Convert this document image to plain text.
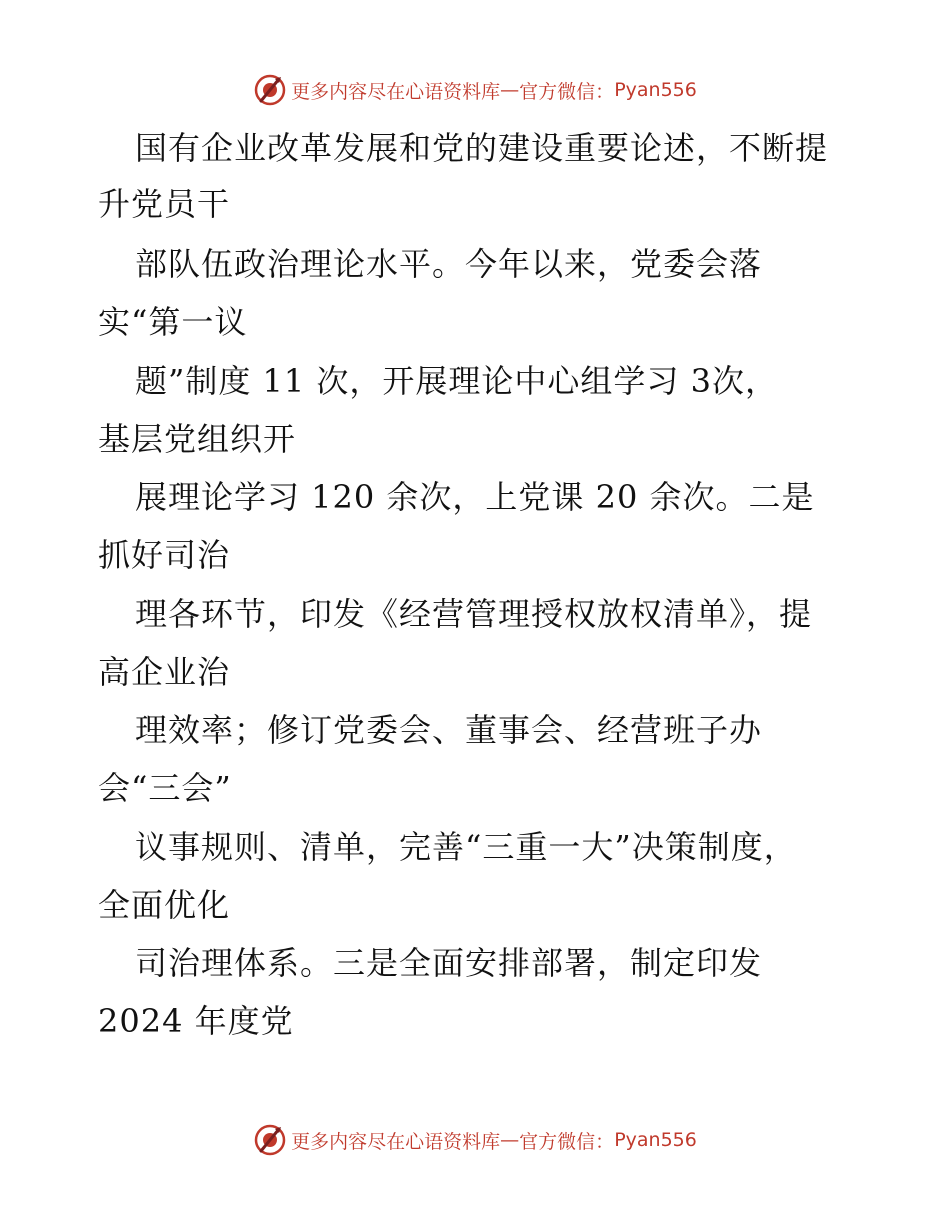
更多内容尽在心语资料库 — 官方微信： Pyan556
国有企业改革发展和党的建设重要论述，不断提
升党员干
部队伍政治理论水平。今年以来，党委会落
实“第一议
题”制度 11 次，开展理论中心组学习 3次，
基层党组织开
展理论学习 120 余次，上党课 20 余次。二是
抓好司治
理各环节，印发《经营管理授权放权清单》，提
高企业治
理效率；修订党委会、董事会、经营班子办
会“三会”
议事规则、清单，完善“三重一大”决策制度，
全面优化
司治理体系。三是全面安排部署，制定印发
2024 年度党
更多内容尽在心语资料库 — 官方微信： Pyan556
